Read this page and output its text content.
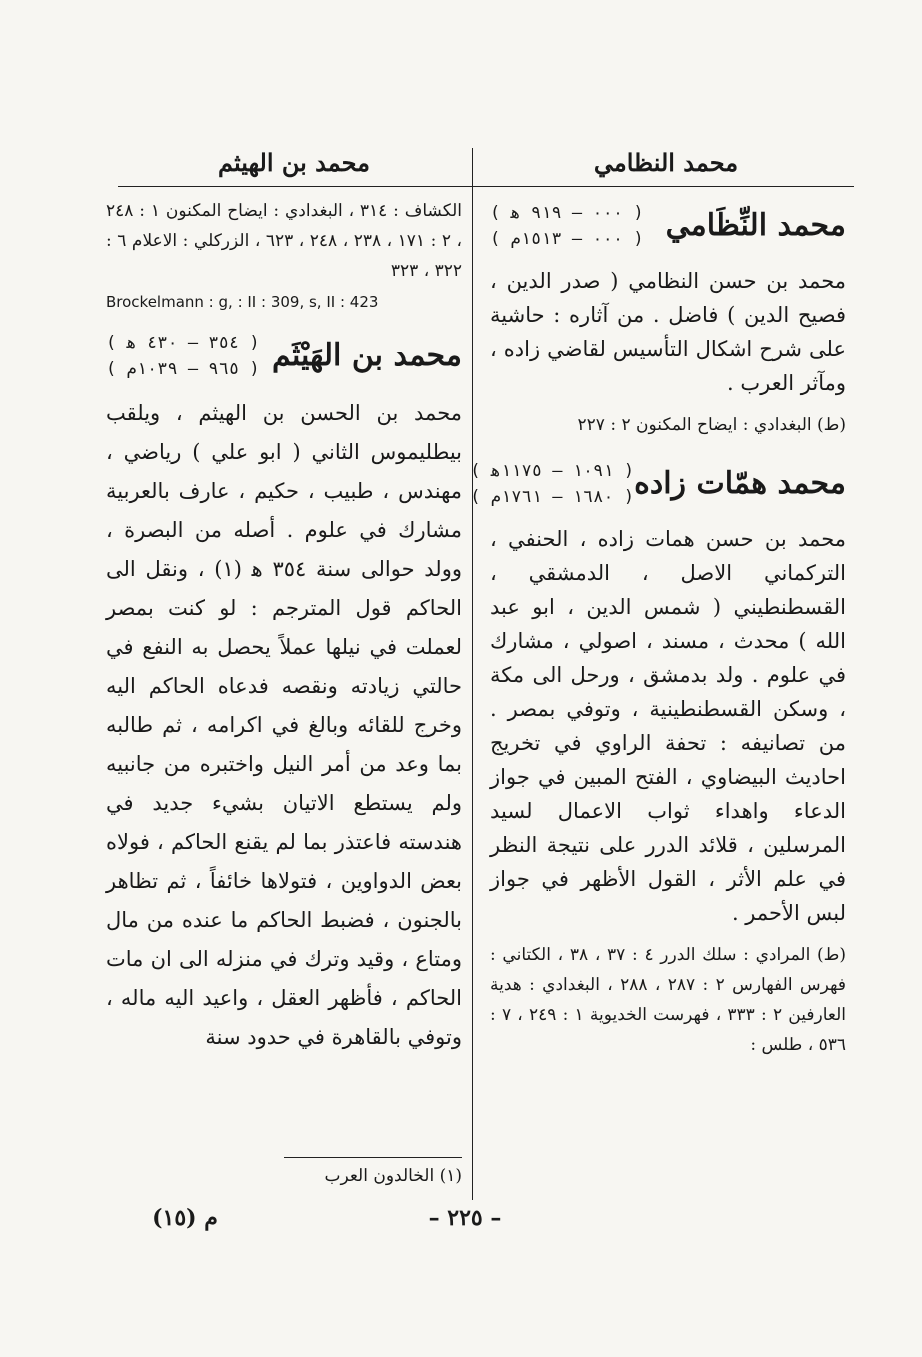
محمد النظامي
محمد بن الهيثم
محمد النِّظَامي
( ٠٠٠ – ٩١٩ ﻫ )
( ٠٠٠ – ١٥١٣م )

محمد بن حسن النظامي ( صدر الدين ، فصيح الدين ) فاضل . من آثاره : حاشية على شرح اشكال التأسيس لقاضي زاده ، ومآثر العرب .

(ط) البغدادي : ايضاح المكنون ٢ : ٢٢٧

محمد همّات زاده
( ١٠٩١ – ١١٧٥ﻫ )
( ١٦٨٠ – ١٧٦١م )

محمد بن حسن همات زاده ، الحنفي ، التركماني الاصل ، الدمشقي ، القسطنطيني ( شمس الدين ، ابو عبد الله ) محدث ، مسند ، اصولي ، مشارك في علوم . ولد بدمشق ، ورحل الى مكة ، وسكن القسطنطينية ، وتوفي بمصر . من تصانيفه : تحفة الراوي في تخريج احاديث البيضاوي ، الفتح المبين في جواز الدعاء واهداء ثواب الاعمال لسيد المرسلين ، قلائد الدرر على نتيجة النظر في علم الأثر ، القول الأظهر في جواز لبس الأحمر .

(ط) المرادي : سلك الدرر ٤ : ٣٧ ، ٣٨ ، الكتاني : فهرس الفهارس ٢ : ٢٨٧ ، ٢٨٨ ، البغدادي : هدية العارفين ٢ : ٣٣٣ ، فهرست الخديوية ١ : ٢٤٩ ، ٧ : ٥٣٦ ، طلس :

الكشاف : ٣١٤ ، البغدادي : ايضاح المكنون ١ : ٢٤٨ ، ٢ : ١٧١ ، ٢٣٨ ، ٢٤٨ ، ٦٢٣ ، الزركلي : الاعلام ٦ : ٣٢٢ ، ٣٢٣

Brockelmann : g, : II : 309, s, II : 423

محمد بن الهَيْثَم
( ٣٥٤ – ٤٣٠ ﻫ )
( ٩٦٥ – ١٠٣٩م )

محمد بن الحسن بن الهيثم ، ويلقب بيطليموس الثاني ( ابو علي ) رياضي ، مهندس ، طبيب ، حكيم ، عارف بالعربية مشارك في علوم . أصله من البصرة ، وولد حوالى سنة ٣٥٤ ﻫ (١) ، ونقل الى الحاكم قول المترجم : لو كنت بمصر لعملت في نيلها عملاً يحصل به النفع في حالتي زيادته ونقصه فدعاه الحاكم اليه وخرج للقائه وبالغ في اكرامه ، ثم طالبه بما وعد من أمر النيل واختبره من جانبيه ولم يستطع الاتيان بشيء جديد في هندسته فاعتذر بما لم يقنع الحاكم ، فولاه بعض الدواوين ، فتولاها خائفاً ، ثم تظاهر بالجنون ، فضبط الحاكم ما عنده من مال ومتاع ، وقيد وترك في منزله الى ان مات الحاكم ، فأظهر العقل ، واعيد اليه ماله ، وتوفي بالقاهرة في حدود سنة

(١) الخالدون العرب
– ٢٢٥ –
م (١٥)
